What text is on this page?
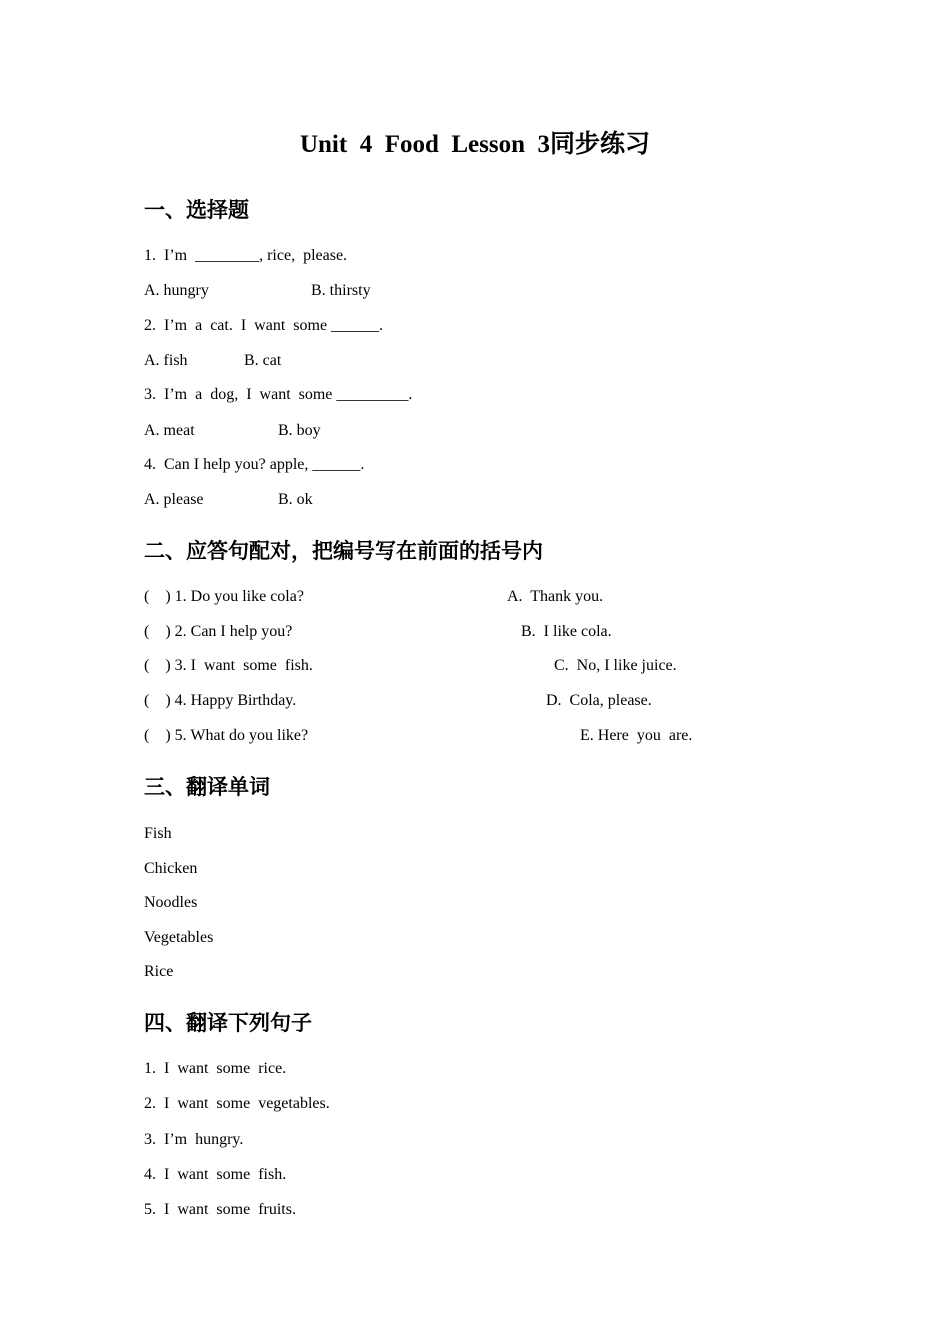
Unit  4  Food  Lesson  3同步练习
一、选择题
1.  I’m  ________, rice,  please.
A. hungry	B. thirsty
2.  I’m  a  cat.  I  want  some ______.
A. fish	B. cat
3.  I’m  a  dog,  I  want  some _________.
A. meat	B. boy
4.  Can I help you? apple, ______.
A. please	B. ok
二、应答句配对，把编号写在前面的括号内
(    ) 1. Do you like cola?	A.  Thank you.
(    ) 2. Can I help you?	B.  I like cola.
(    ) 3. I  want  some  fish.	C.  No, I like juice.
(    ) 4. Happy Birthday.	D.  Cola, please.
(    ) 5. What do you like?	E. Here  you  are.
三、翻译单词
Fish
Chicken
Noodles
Vegetables
Rice
四、翻译下列句子
1.  I  want  some  rice.
2.  I  want  some  vegetables.
3.  I’m  hungry.
4.  I  want  some  fish.
5.  I  want  some  fruits.
